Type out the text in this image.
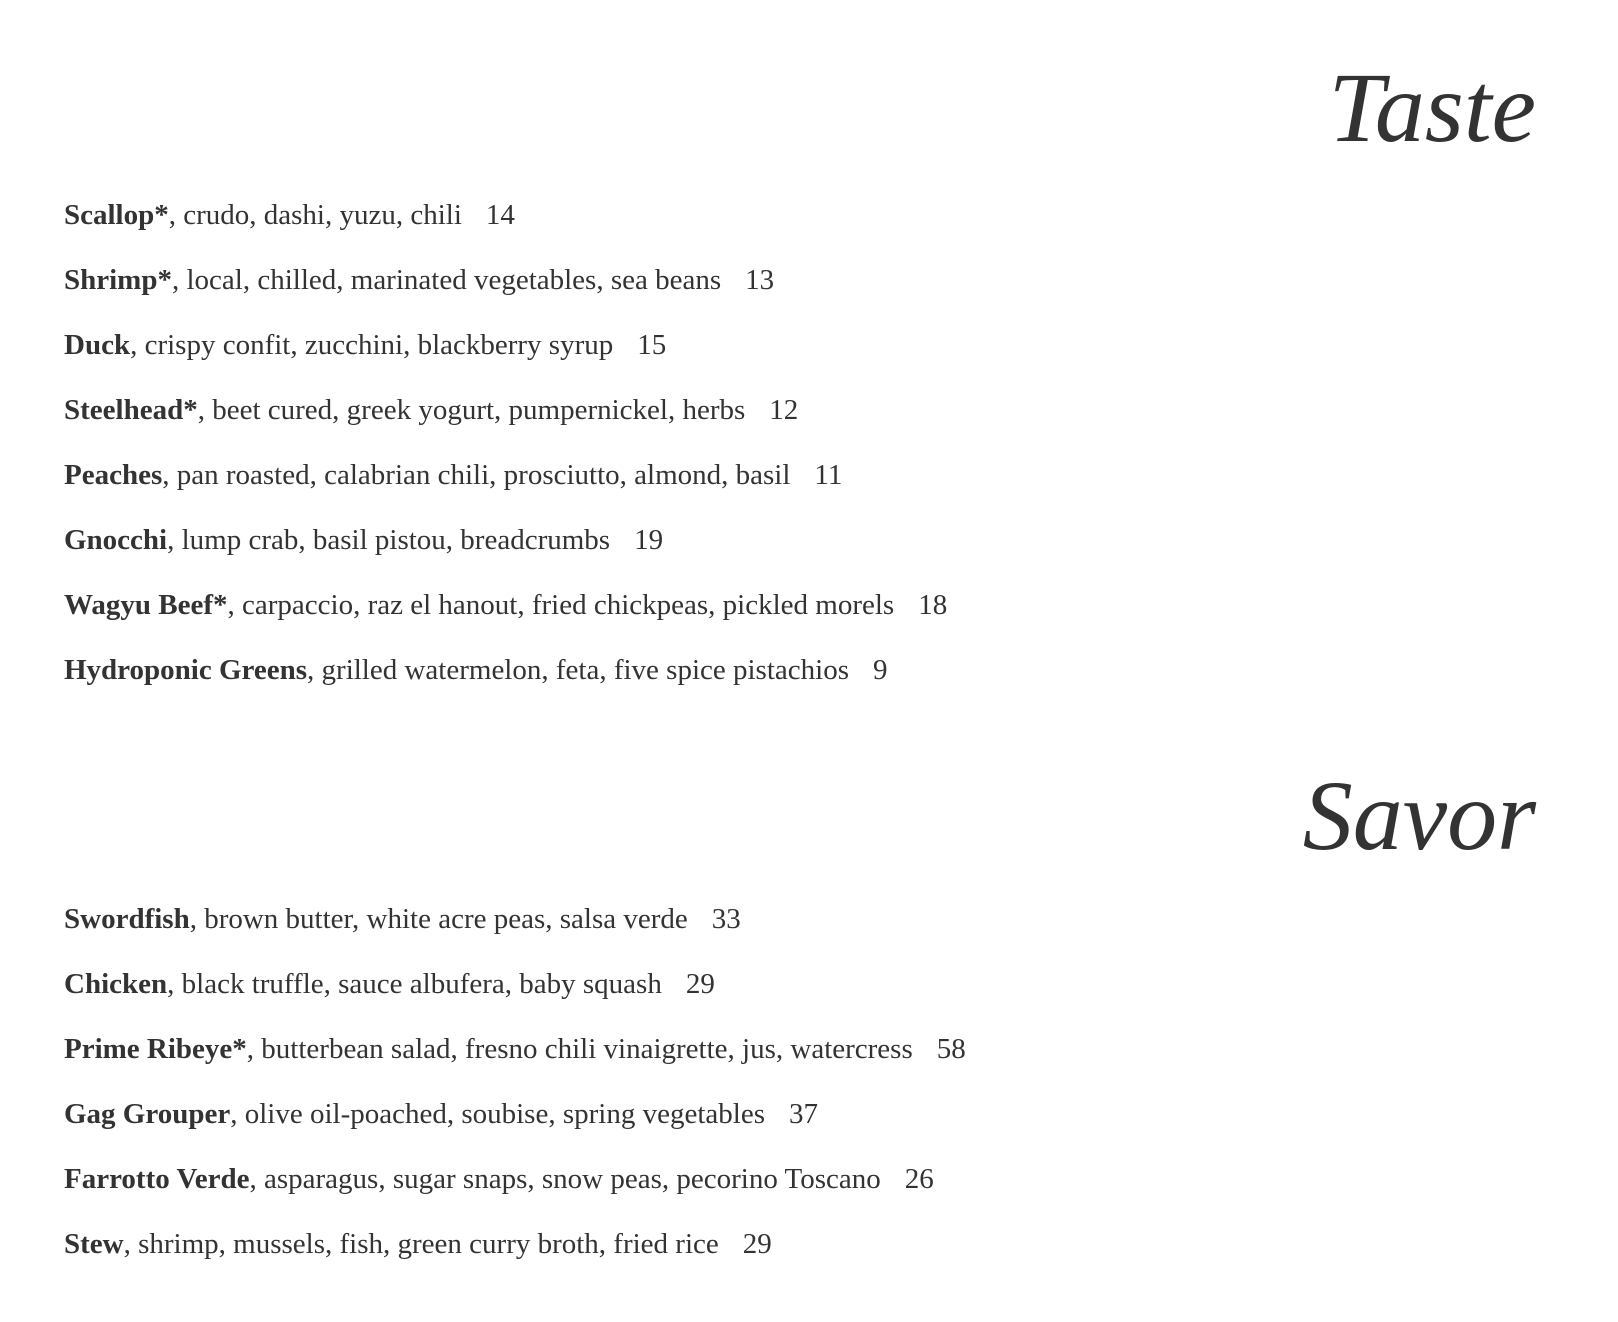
Taste
Scallop*, crudo, dashi, yuzu, chili 14
Shrimp*, local, chilled, marinated vegetables, sea beans 13
Duck, crispy confit, zucchini, blackberry syrup 15
Steelhead*, beet cured, greek yogurt, pumpernickel, herbs 12
Peaches, pan roasted, calabrian chili, prosciutto, almond, basil 11
Gnocchi, lump crab, basil pistou, breadcrumbs 19
Wagyu Beef*, carpaccio, raz el hanout, fried chickpeas, pickled morels 18
Hydroponic Greens, grilled watermelon, feta, five spice pistachios 9
Savor
Swordfish, brown butter, white acre peas, salsa verde 33
Chicken, black truffle, sauce albufera, baby squash 29
Prime Ribeye*, butterbean salad, fresno chili vinaigrette, jus, watercress 58
Gag Grouper, olive oil-poached, soubise, spring vegetables 37
Farrotto Verde, asparagus, sugar snaps, snow peas, pecorino Toscano 26
Stew, shrimp, mussels, fish, green curry broth, fried rice 29
